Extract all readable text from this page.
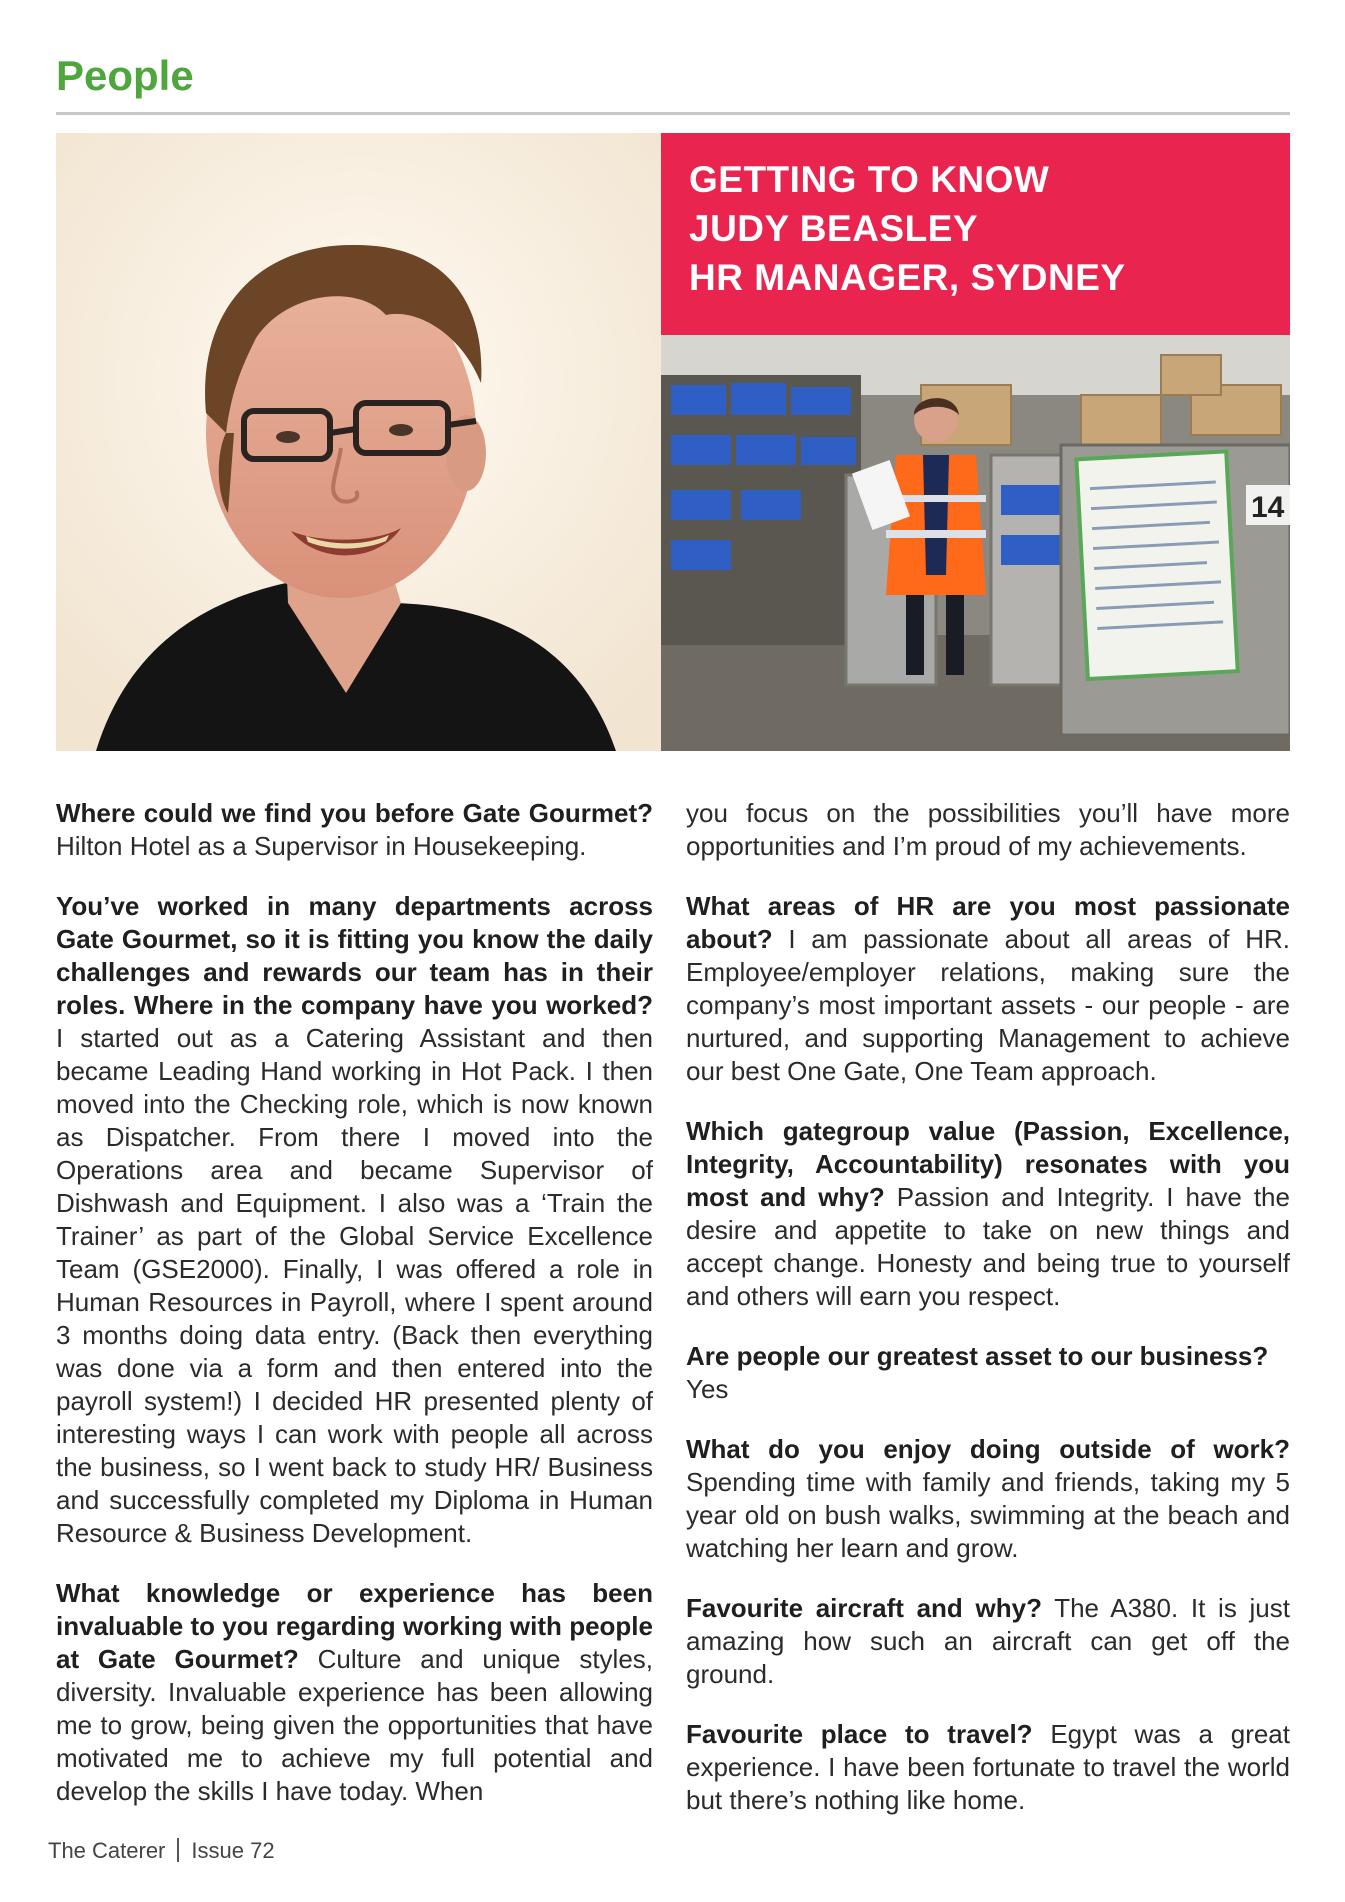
People
GETTING TO KNOW
JUDY BEASLEY
HR MANAGER, SYDNEY
14

Where could we find you before Gate Gourmet? Hilton Hotel as a Supervisor in Housekeeping.

You’ve worked in many departments across Gate Gourmet, so it is fitting you know the daily challenges and rewards our team has in their roles. Where in the company have you worked? I started out as a Catering Assistant and then became Leading Hand working in Hot Pack. I then moved into the Checking role, which is now known as Dispatcher. From there I moved into the Operations area and became Supervisor of Dishwash and Equipment. I also was a ‘Train the Trainer’ as part of the Global Service Excellence Team (GSE2000). Finally, I was offered a role in Human Resources in Payroll, where I spent around 3 months doing data entry. (Back then everything was done via a form and then entered into the payroll system!) I decided HR presented plenty of interesting ways I can work with people all across the business, so I went back to study HR/ Business and successfully completed my Diploma in Human Resource & Business Development.

What knowledge or experience has been invaluable to you regarding working with people at Gate Gourmet? Culture and unique styles, diversity. Invaluable experience has been allowing me to grow, being given the opportunities that have motivated me to achieve my full potential and develop the skills I have today. When

you focus on the possibilities you’ll have more opportunities and I’m proud of my achievements.

What areas of HR are you most passionate about? I am passionate about all areas of HR. Employee/employer relations, making sure the company’s most important assets - our people - are nurtured, and supporting Management to achieve our best One Gate, One Team approach.

Which gategroup value (Passion, Excellence, Integrity, Accountability) resonates with you most and why? Passion and Integrity. I have the desire and appetite to take on new things and accept change. Honesty and being true to yourself and others will earn you respect.

Are people our greatest asset to our business?
Yes

What do you enjoy doing outside of work? Spending time with family and friends, taking my 5 year old on bush walks, swimming at the beach and watching her learn and grow.

Favourite aircraft and why? The A380. It is just amazing how such an aircraft can get off the ground.

Favourite place to travel? Egypt was a great experience. I have been fortunate to travel the world but there’s nothing like home.

The Caterer Issue 72
